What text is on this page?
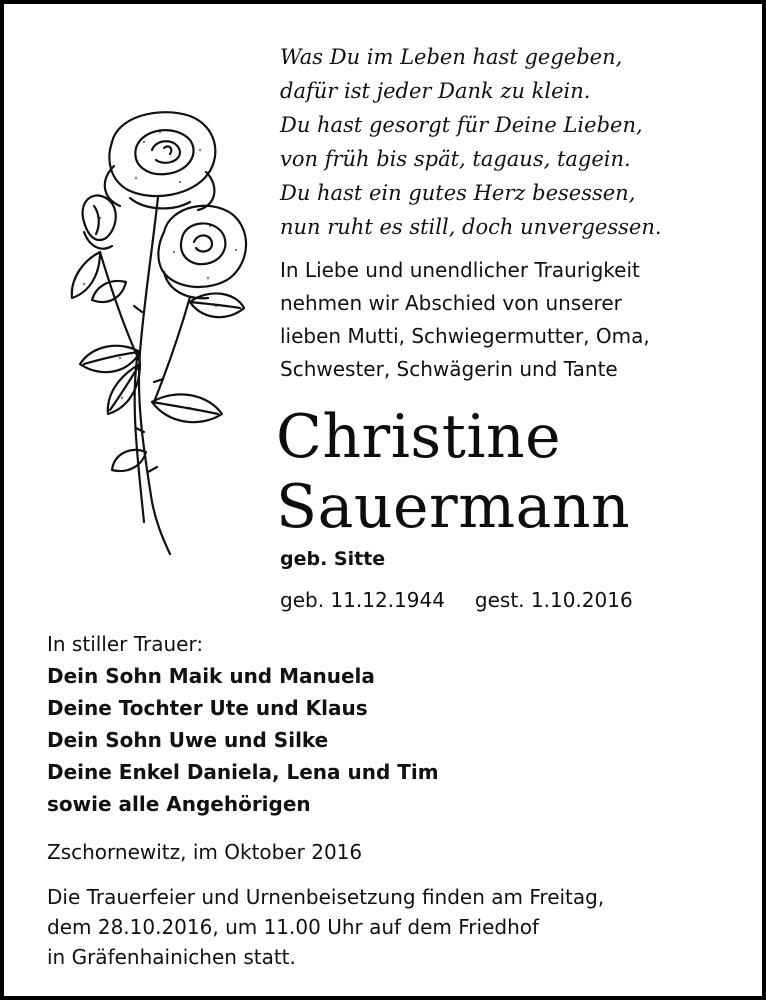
Was Du im Leben hast gegeben,
dafür ist jeder Dank zu klein.
Du hast gesorgt für Deine Lieben,
von früh bis spät, tagaus, tagein.
Du hast ein gutes Herz besessen,
nun ruht es still, doch unvergessen.
In Liebe und unendlicher Traurigkeit
nehmen wir Abschied von unserer
lieben Mutti, Schwiegermutter, Oma,
Schwester, Schwägerin und Tante
Christine
Sauermann
geb. Sitte
geb. 11.12.1944 gest. 1.10.2016
In stiller Trauer:
Dein Sohn Maik und Manuela
Deine Tochter Ute und Klaus
Dein Sohn Uwe und Silke
Deine Enkel Daniela, Lena und Tim
sowie alle Angehörigen
Zschornewitz, im Oktober 2016
Die Trauerfeier und Urnenbeisetzung finden am Freitag,
dem 28.10.2016, um 11.00 Uhr auf dem Friedhof
in Gräfenhainichen statt.
